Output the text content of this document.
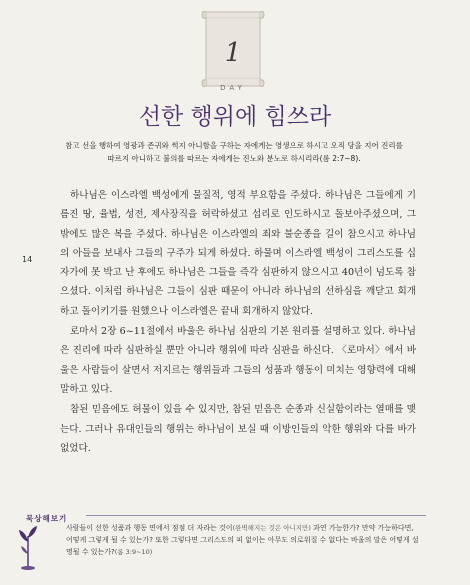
1
DAY
선한 행위에 힘쓰라
참고 선을 행하여 영광과 존귀와 썩지 아니함을 구하는 자에게는 영생으로 하시고 오직 당을 지어 진리를 따르지 아니하고 불의를 따르는 자에게는 진노와 분노로 하시리라(롬 2:7~8).
14

하나님은 이스라엘 백성에게 물질적, 영적 부요함을 주셨다. 하나님은 그들에게 기름진 땅, 율법, 성전, 제사장직을 허락하셨고 섭리로 인도하시고 돌보아주셨으며, 그 밖에도 많은 복을 주셨다. 하나님은 이스라엘의 죄와 불순종을 길이 참으시고 하나님의 아들을 보내사 그들의 구주가 되게 하셨다. 하물며 이스라엘 백성이 그리스도를 십자가에 못 박고 난 후에도 하나님은 그들을 즉각 심판하지 않으시고 40년이 넘도록 참으셨다. 이처럼 하나님은 그들이 심판 때문이 아니라 하나님의 선하심을 깨닫고 회개하고 돌이키기를 원했으나 이스라엘은 끝내 회개하지 않았다.

로마서 2장 6~11절에서 바울은 하나님 심판의 기본 원리를 설명하고 있다. 하나님은 진리에 따라 심판하실 뿐만 아니라 행위에 따라 심판을 하신다. 〈로마서〉에서 바울은 사람들이 살면서 저지르는 행위들과 그들의 성품과 행동이 미치는 영향력에 대해 말하고 있다.

참된 믿음에도 허물이 있을 수 있지만, 참된 믿음은 순종과 신실함이라는 열매를 맺는다. 그러나 유대인들의 행위는 하나님이 보실 때 이방인들의 악한 행위와 다를 바가 없었다.

묵상해보기
사람들이 선한 성품과 행동 면에서 점점 더 자라는 것이(완벽해지는 것은 아니지만) 과연 가능한가? 만약 가능하다면, 어떻게 그렇게 될 수 있는가? 또한 그렇다면 그리스도의 피 없이는 아무도 의로워질 수 없다는 바울의 말은 어떻게 설명될 수 있는가?(롬 3:9~10)
